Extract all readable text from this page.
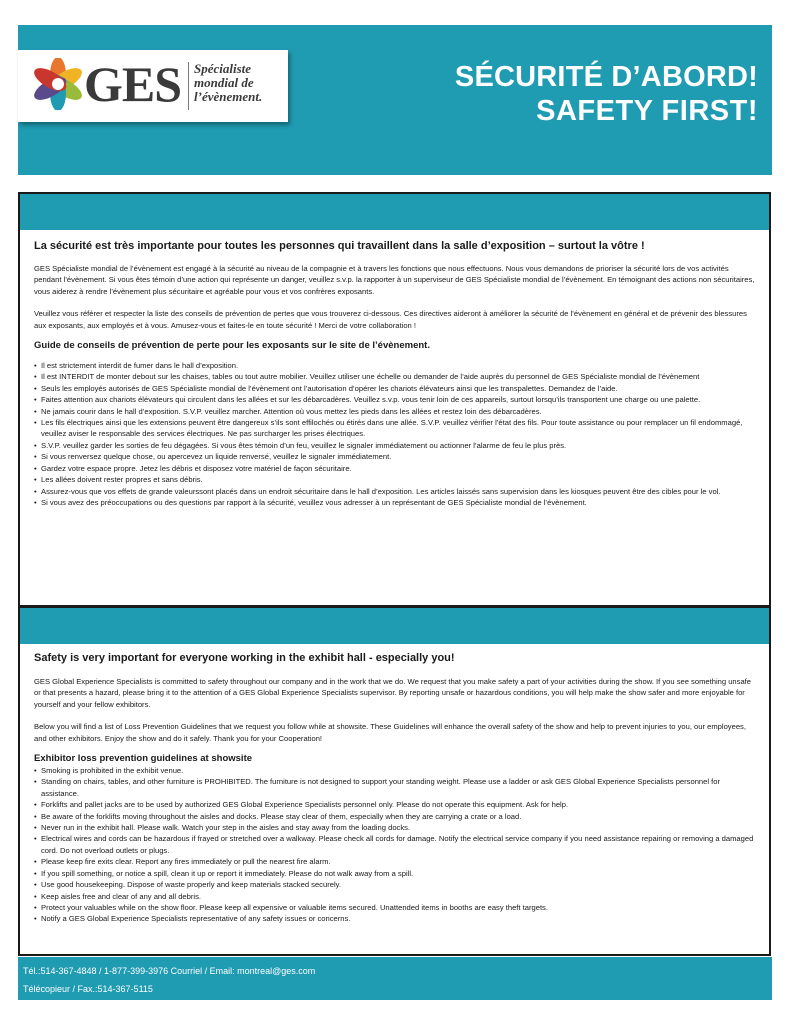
GES Spécialiste
mondial de
l’évènement.
SÉCURITÉ D’ABORD!
SAFETY FIRST!

La sécurité est très importante pour toutes les personnes qui travaillent dans la salle d’exposition – surtout la vôtre !

GES Spécialiste mondial de l’évènement est engagé à la sécurité au niveau de la compagnie et à travers les fonctions que nous effectuons. Nous vous demandons de prioriser la sécurité lors de vos activités pendant l’évènement. Si vous êtes témoin d’une action qui représente un danger, veuillez s.v.p. la rapporter à un superviseur de GES Spécialiste mondial de l’évènement. En témoignant des actions non sécuritaires, vous aiderez à rendre l’évènement plus sécuritaire et agréable pour vous et vos confrères exposants.

Veuillez vous référer et respecter la liste des conseils de prévention de pertes que vous trouverez ci-dessous. Ces directives aideront à améliorer la sécurité de l’évènement en général et de prévenir des blessures aux exposants, aux employés et à vous. Amusez-vous et faites-le en toute sécurité ! Merci de votre collaboration !

Guide de conseils de prévention de perte pour les exposants sur le site de l’évènement.

• Il est strictement interdit de fumer dans le hall d’exposition.
• Il est INTERDIT de monter debout sur les chaises, tables ou tout autre mobilier. Veuillez utiliser une échelle ou demander de l’aide auprès du personnel de GES Spécialiste mondial de l’évènement
• Seuls les employés autorisés de GES Spécialiste mondial de l’évènement ont l’autorisation d’opérer les chariots élévateurs ainsi que les transpalettes. Demandez de l’aide.
• Faites attention aux chariots élévateurs qui circulent dans les allées et sur les débarcadères. Veuillez s.v.p. vous tenir loin de ces appareils, surtout lorsqu’ils transportent une charge ou une palette.
• Ne jamais courir dans le hall d’exposition. S.V.P. veuillez marcher. Attention où vous mettez les pieds dans les allées et restez loin des débarcadères.
• Les fils électriques ainsi que les extensions peuvent être dangereux s’ils sont effilochés ou étirés dans une allée. S.V.P. veuillez vérifier l’état des fils. Pour toute assistance ou pour remplacer un fil endommagé, veuillez aviser le responsable des services électriques. Ne pas surcharger les prises électriques.
• S.V.P. veuillez garder les sorties de feu dégagées. Si vous êtes témoin d’un feu, veuillez le signaler immédiatement ou actionner l’alarme de feu le plus près.
• Si vous renversez quelque chose, ou apercevez un liquide renversé, veuillez le signaler immédiatement.
• Gardez votre espace propre. Jetez les débris et disposez votre matériel de façon sécuritaire.
• Les allées doivent rester propres et sans débris.
• Assurez-vous que vos effets de grande valeurssont placés dans un endroit sécuritaire dans le hall d’exposition. Les articles laissés sans supervision dans les kiosques peuvent être des cibles pour le vol.
• Si vous avez des préoccupations ou des questions par rapport à la sécurité, veuillez vous adresser à un représentant de GES Spécialiste mondial de l’évènement.

Safety is very important for everyone working in the exhibit hall - especially you!

GES Global Experience Specialists is committed to safety throughout our company and in the work that we do. We request that you make safety a part of your activities during the show. If you see something unsafe or that presents a hazard, please bring it to the attention of a GES Global Experience Specialists supervisor. By reporting unsafe or hazardous conditions, you will help make the show safer and more enjoyable for yourself and your fellow exhibitors.

Below you will find a list of Loss Prevention Guidelines that we request you follow while at showsite. These Guidelines will enhance the overall safety of the show and help to prevent injuries to you, our employees, and other exhibitors. Enjoy the show and do it safely. Thank you for your Cooperation!

Exhibitor loss prevention guidelines at showsite

• Smoking is prohibited in the exhibit venue.
• Standing on chairs, tables, and other furniture is PROHIBITED. The furniture is not designed to support your standing weight. Please use a ladder or ask GES Global Experience Specialists personnel for assistance.
• Forklifts and pallet jacks are to be used by authorized GES Global Experience Specialists personnel only. Please do not operate this equipment. Ask for help.
• Be aware of the forklifts moving throughout the aisles and docks. Please stay clear of them, especially when they are carrying a crate or a load.
• Never run in the exhibit hall. Please walk. Watch your step in the aisles and stay away from the loading docks.
• Electrical wires and cords can be hazardous if frayed or stretched over a walkway. Please check all cords for damage. Notify the electrical service company if you need assistance repairing or removing a damaged cord. Do not overload outlets or plugs.
• Please keep fire exits clear. Report any fires immediately or pull the nearest fire alarm.
• If you spill something, or notice a spill, clean it up or report it immediately. Please do not walk away from a spill.
• Use good housekeeping. Dispose of waste properly and keep materials stacked securely.
• Keep aisles free and clear of any and all debris.
• Protect your valuables while on the show floor. Please keep all expensive or valuable items secured. Unattended items in booths are easy theft targets.
• Notify a GES Global Experience Specialists representative of any safety issues or concerns.
Tél.:514-367-4848 / 1-877-399-3976 Courriel / Email: montreal@ges.com
Télécopieur / Fax.:514-367-5115
